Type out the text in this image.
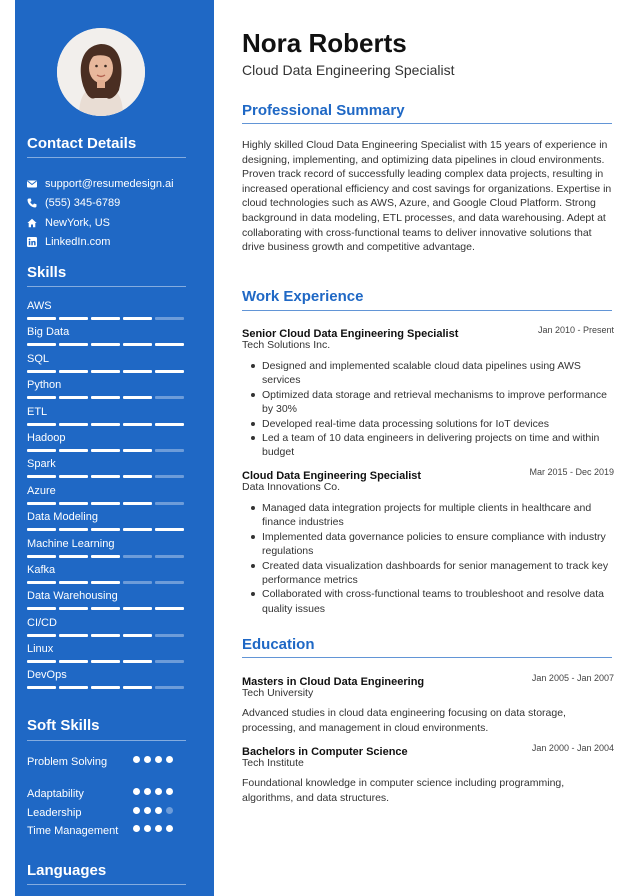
Contact Details
support@resumedesign.ai
(555) 345-6789
NewYork, US
LinkedIn.com
Skills
AWS
Big Data
SQL
Python
ETL
Hadoop
Spark
Azure
Data Modeling
Machine Learning
Kafka
Data Warehousing
CI/CD
Linux
DevOps
Soft Skills
Problem Solving
Adaptability
Leadership
Time Management
Languages
Nora Roberts
Cloud Data Engineering Specialist
Professional Summary
Highly skilled Cloud Data Engineering Specialist with 15 years of experience in designing, implementing, and optimizing data pipelines in cloud environments. Proven track record of successfully leading complex data projects, resulting in increased operational efficiency and cost savings for organizations. Expertise in cloud technologies such as AWS, Azure, and Google Cloud Platform. Strong background in data modeling, ETL processes, and data warehousing. Adept at collaborating with cross-functional teams to deliver innovative solutions that drive business growth and competitive advantage.
Work Experience
Senior Cloud Data Engineering Specialist	Jan 2010 - Present
Tech Solutions Inc.
Designed and implemented scalable cloud data pipelines using AWS services
Optimized data storage and retrieval mechanisms to improve performance by 30%
Developed real-time data processing solutions for IoT devices
Led a team of 10 data engineers in delivering projects on time and within budget
Cloud Data Engineering Specialist	Mar 2015 - Dec 2019
Data Innovations Co.
Managed data integration projects for multiple clients in healthcare and finance industries
Implemented data governance policies to ensure compliance with industry regulations
Created data visualization dashboards for senior management to track key performance metrics
Collaborated with cross-functional teams to troubleshoot and resolve data quality issues
Education
Masters in Cloud Data Engineering	Jan 2005 - Jan 2007
Tech University
Advanced studies in cloud data engineering focusing on data storage, processing, and management in cloud environments.
Bachelors in Computer Science	Jan 2000 - Jan 2004
Tech Institute
Foundational knowledge in computer science including programming, algorithms, and data structures.
